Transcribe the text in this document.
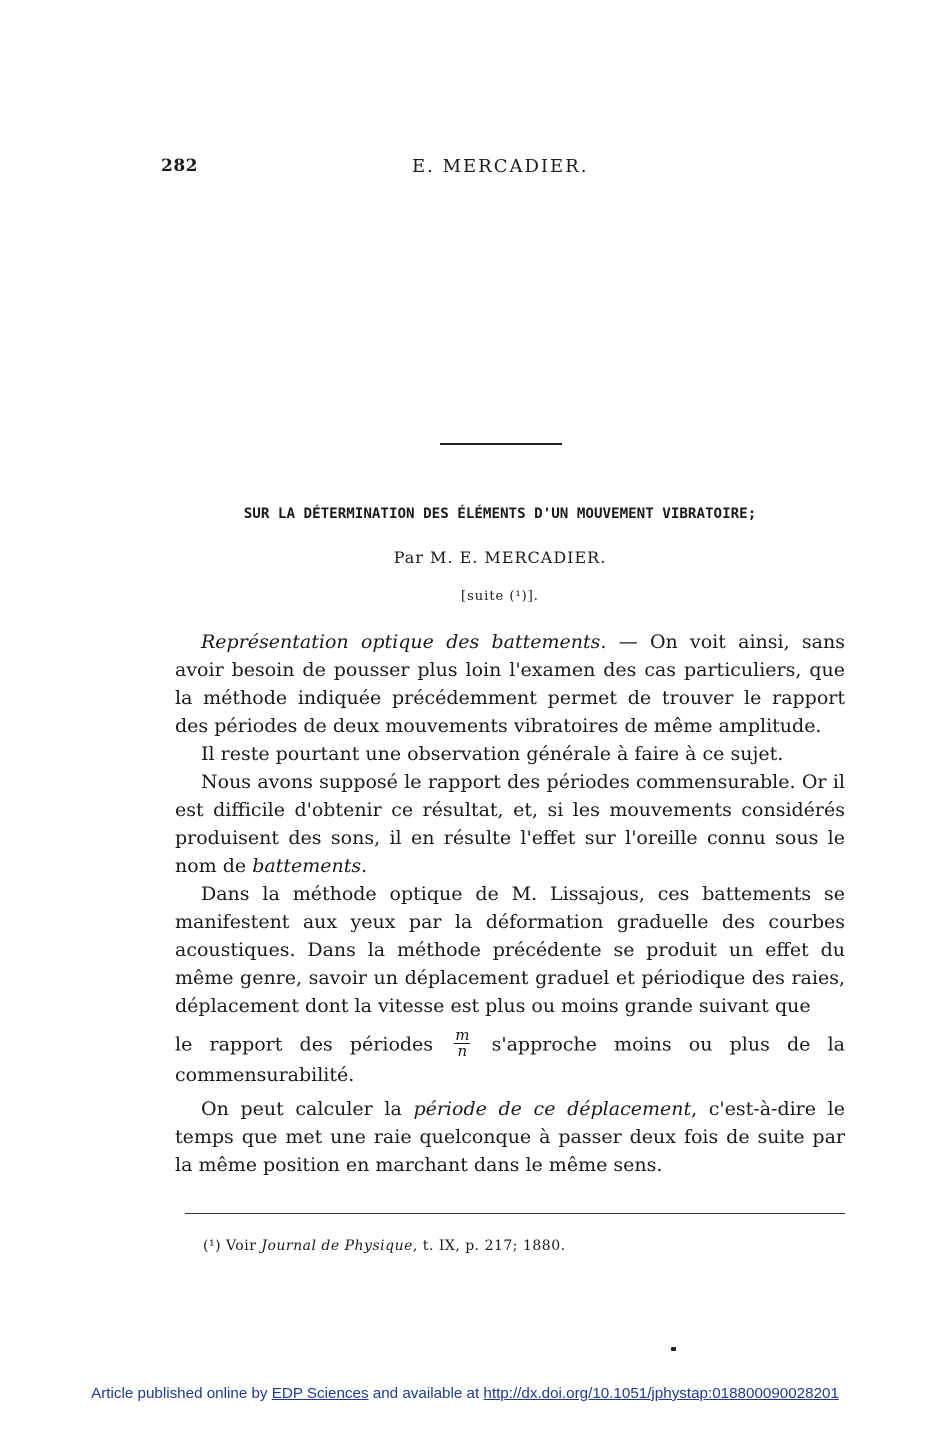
282	E. MERCADIER.
SUR LA DÉTERMINATION DES ÉLÉMENTS D'UN MOUVEMENT VIBRATOIRE;
Par M. E. MERCADIER.
[suite (¹)].

Représentation optique des battements. — On voit ainsi, sans avoir besoin de pousser plus loin l'examen des cas particuliers, que la méthode indiquée précédemment permet de trouver le rapport des périodes de deux mouvements vibratoires de même amplitude.

Il reste pourtant une observation générale à faire à ce sujet.

Nous avons supposé le rapport des périodes commensurable. Or il est difficile d'obtenir ce résultat, et, si les mouvements considérés produisent des sons, il en résulte l'effet sur l'oreille connu sous le nom de battements.

Dans la méthode optique de M. Lissajous, ces battements se manifestent aux yeux par la déformation graduelle des courbes acoustiques. Dans la méthode précédente se produit un effet du même genre, savoir un déplacement graduel et périodique des raies, déplacement dont la vitesse est plus ou moins grande suivant que

le rapport des périodes $\frac{m}{n}$ s'approche moins ou plus de la commensurabilité.

On peut calculer la période de ce déplacement, c'est-à-dire le temps que met une raie quelconque à passer deux fois de suite par la même position en marchant dans le même sens.

(¹) Voir Journal de Physique, t. IX, p. 217; 1880.
Article published online by EDP Sciences and available at http://dx.doi.org/10.1051/jphystap:018800090028201
